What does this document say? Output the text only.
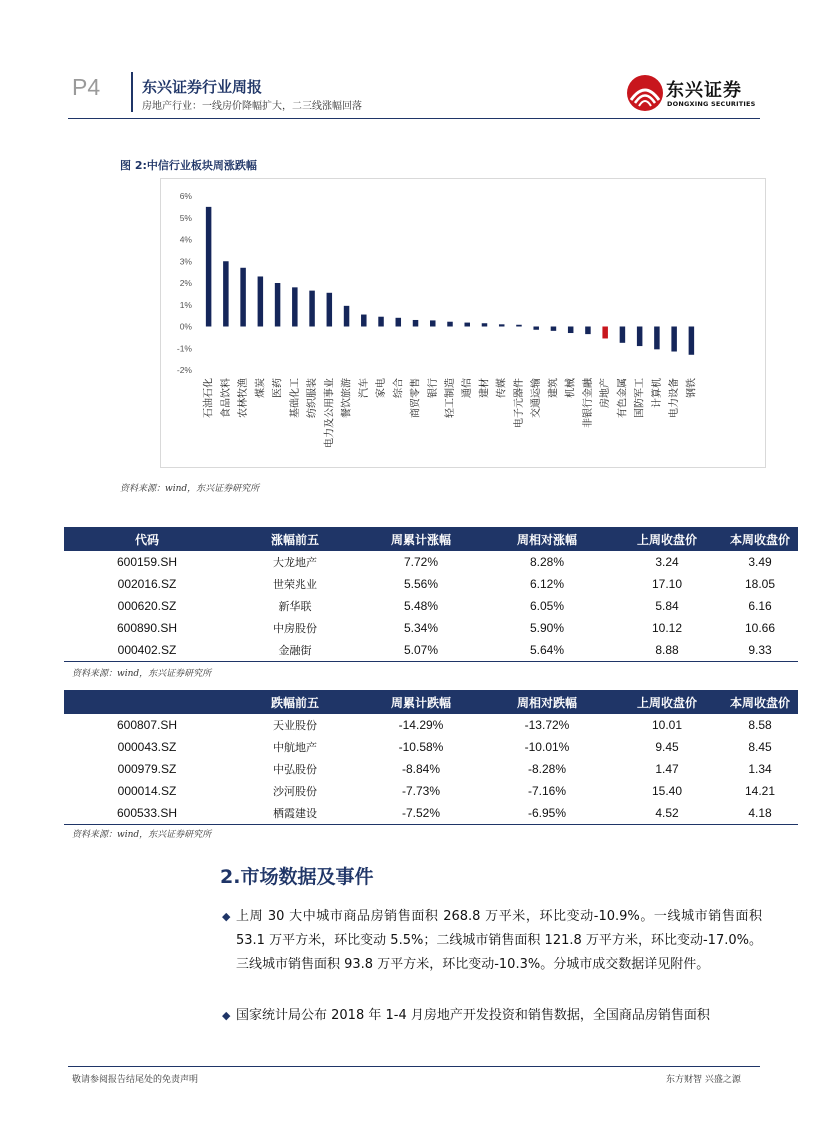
P4	东兴证券行业周报
房地产行业：一线房价降幅扩大，二三线涨幅回落
东兴证券
DONGXING SECURITIES
图 2:中信行业板块周涨跌幅
6%
5%
4%
3%
2%
1%
0%
-1%
-2%
石油石化 食品饮料 农林牧渔 煤炭 医药 基础化工 纺织服装 电力及公用事业 餐饮旅游 汽车 家电 综合 商贸零售 银行 轻工制造 通信 建材 传媒 电子元器件 交通运输 建筑 机械 非银行金融 房地产 有色金属 国防军工 计算机 电力设备 钢铁
资料来源：wind，东兴证券研究所
代码	涨幅前五	周累计涨幅	周相对涨幅	上周收盘价	本周收盘价
600159.SH	大龙地产	7.72%	8.28%	3.24	3.49
002016.SZ	世荣兆业	5.56%	6.12%	17.10	18.05
000620.SZ	新华联	5.48%	6.05%	5.84	6.16
600890.SH	中房股份	5.34%	5.90%	10.12	10.66
000402.SZ	金融街	5.07%	5.64%	8.88	9.33
资料来源：wind，东兴证券研究所
	跌幅前五	周累计跌幅	周相对跌幅	上周收盘价	本周收盘价
600807.SH	天业股份	-14.29%	-13.72%	10.01	8.58
000043.SZ	中航地产	-10.58%	-10.01%	9.45	8.45
000979.SZ	中弘股份	-8.84%	-8.28%	1.47	1.34
000014.SZ	沙河股份	-7.73%	-7.16%	15.40	14.21
600533.SH	栖霞建设	-7.52%	-6.95%	4.52	4.18
资料来源：wind，东兴证券研究所
2.市场数据及事件
◆ 上周 30 大中城市商品房销售面积 268.8 万平米，环比变动-10.9%。一线城市销售面积 53.1 万平方米，环比变动 5.5%；二线城市销售面积 121.8 万平方米，环比变动-17.0%。三线城市销售面积 93.8 万平方米，环比变动-10.3%。分城市成交数据详见附件。
◆ 国家统计局公布 2018 年 1-4 月房地产开发投资和销售数据，全国商品房销售面积
敬请参阅报告结尾处的免责声明	东方财智 兴盛之源
